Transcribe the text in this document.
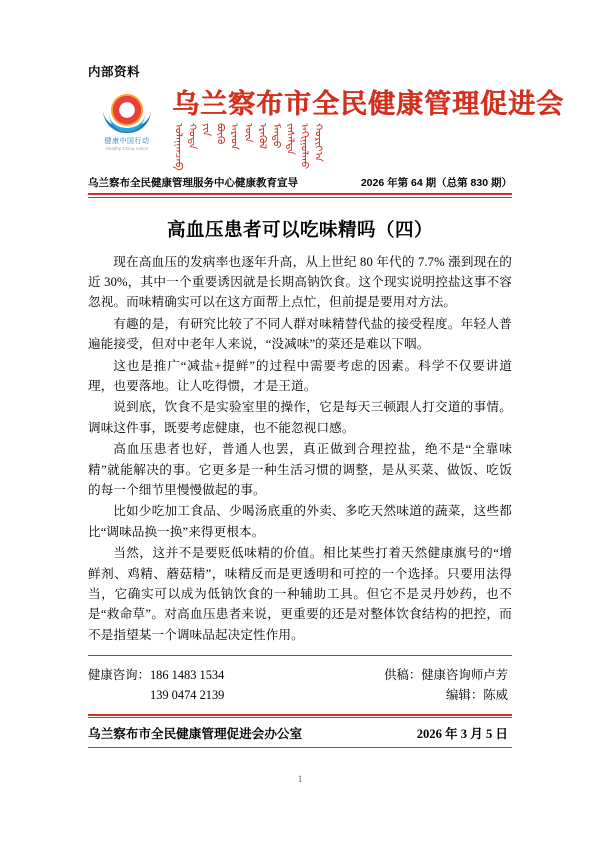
内部资料
健康中国行动
Healthy China Action
乌兰察布市全民健康管理促进会
ᠤᠯᠠᠭᠠᠨᠴᠠᠪ ᠬᠣᠲᠠ ᠶᠢᠨ ᠪᠦᠬᠦ ᠠᠷᠠᠳ ᠦᠨ ᠡᠷᠡᠭᠦᠯ ᠮᠡᠨᠳᠦ ᠵᠠᠰᠠᠯᠲᠠ ᠠᠬᠢᠭᠤᠯᠬᠤ ᠬᠣᠷᠢᠶ᠎ᠠ
乌兰察布全民健康管理服务中心健康教育宣导	2026 年第 64 期（总第 830 期）
高血压患者可以吃味精吗（四）

现在高血压的发病率也逐年升高，从上世纪 80 年代的 7.7% 漲到现在的近 30%，其中一个重要诱因就是长期高钠饮食。这个现实说明控盐这事不容忽视。而味精确实可以在这方面帮上点忙，但前提是要用对方法。

有趣的是，有研究比较了不同人群对味精替代盐的接受程度。年轻人普遍能接受，但对中老年人来说，“没减味”的菜还是难以下咽。

这也是推广“减盐+提鲜”的过程中需要考虑的因素。科学不仅要讲道理，也要落地。让人吃得惯，才是王道。

说到底，饮食不是实验室里的操作，它是每天三顿跟人打交道的事情。调味这件事，既要考虑健康，也不能忽视口感。

高血压患者也好，普通人也罢，真正做到合理控盐，绝不是“全靠味精”就能解决的事。它更多是一种生活习惯的调整，是从买菜、做饭、吃饭的每一个细节里慢慢做起的事。

比如少吃加工食品、少喝汤底重的外卖、多吃天然味道的蔬菜，这些都比“调味品换一换”来得更根本。

当然，这并不是要贬低味精的价值。相比某些打着天然健康旗号的“增鲜剂、鸡精、蘑菇精”，味精反而是更透明和可控的一个选择。只要用法得当，它确实可以成为低钠饮食的一种辅助工具。但它不是灵丹妙药，也不是“救命草”。对高血压患者来说，更重要的还是对整体饮食结构的把控，而不是指望某一个调味品起决定性作用。

健康咨询：186 1483 1534	供稿：健康咨询师卢芳
139 0474 2139	编辑：陈威
乌兰察布市全民健康管理促进会办公室	2026 年 3 月 5 日
1
